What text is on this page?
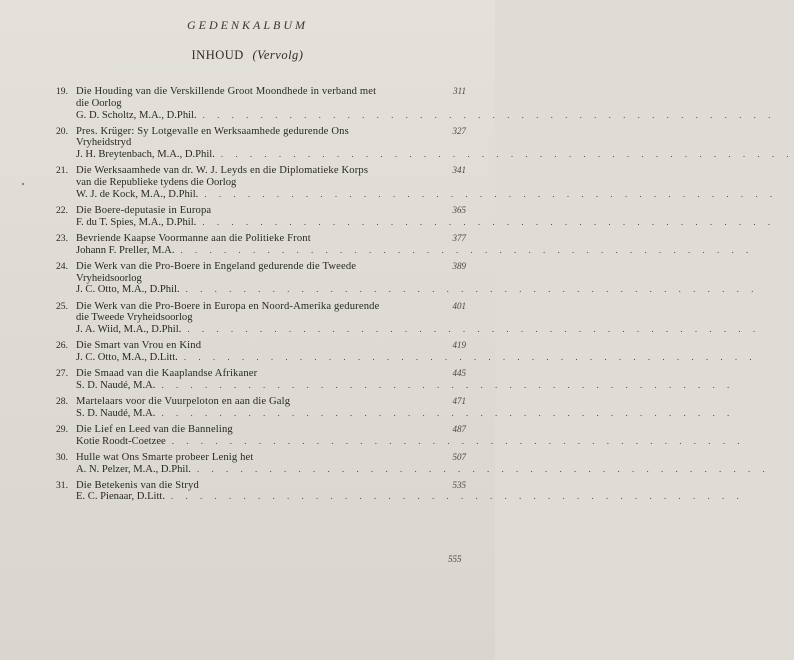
GEDENKALBUM
INHOUD (Vervolg)
19. Die Houding van die Verskillende Groot Moondhede in verband met
die Oorlog
G. D. Scholtz, M.A., D.Phil. . . . . . . . . . . . . . . . . . . . . . . . . . . . . . . . . . . . . . . . .
311
20. Pres. Krüger: Sy Lotgevalle en Werksaamhede gedurende Ons
Vryheidstryd
J. H. Breytenbach, M.A., D.Phil. . . . . . . . . . . . . . . . . . . . . . . . . . . . . . . . . . . . . . . . .
327
21. Die Werksaamhede van dr. W. J. Leyds en die Diplomatieke Korps
van die Republieke tydens die Oorlog
W. J. de Kock, M.A., D.Phil. . . . . . . . . . . . . . . . . . . . . . . . . . . . . . . . . . . . . . . . .
341
22. Die Boere-deputasie in Europa
F. du T. Spies, M.A., D.Phil. . . . . . . . . . . . . . . . . . . . . . . . . . . . . . . . . . . . . . . . .
365
23. Bevriende Kaapse Voormanne aan die Politieke Front
Johann F. Preller, M.A. . . . . . . . . . . . . . . . . . . . . . . . . . . . . . . . . . . . . . . . .
377
24. Die Werk van die Pro-Boere in Engeland gedurende die Tweede
Vryheidsoorlog
J. C. Otto, M.A., D.Phil. . . . . . . . . . . . . . . . . . . . . . . . . . . . . . . . . . . . . . . . .
389
25. Die Werk van die Pro-Boere in Europa en Noord-Amerika gedurende
die Tweede Vryheidsoorlog
J. A. Wiid, M.A., D.Phil. . . . . . . . . . . . . . . . . . . . . . . . . . . . . . . . . . . . . . . . .
401
26. Die Smart van Vrou en Kind
J. C. Otto, M.A., D.Litt. . . . . . . . . . . . . . . . . . . . . . . . . . . . . . . . . . . . . . . . .
419
27. Die Smaad van die Kaaplandse Afrikaner
S. D. Naudé, M.A. . . . . . . . . . . . . . . . . . . . . . . . . . . . . . . . . . . . . . . . .
445
28. Martelaars voor die Vuurpeloton en aan die Galg
S. D. Naudé, M.A. . . . . . . . . . . . . . . . . . . . . . . . . . . . . . . . . . . . . . . . .
471
29. Die Lief en Leed van die Banneling
Kotie Roodt-Coetzee . . . . . . . . . . . . . . . . . . . . . . . . . . . . . . . . . . . . . . . .
487
30. Hulle wat Ons Smarte probeer Lenig het
A. N. Pelzer, M.A., D.Phil. . . . . . . . . . . . . . . . . . . . . . . . . . . . . . . . . . . . . . . . .
507
31. Die Betekenis van die Stryd
E. C. Pienaar, D.Litt. . . . . . . . . . . . . . . . . . . . . . . . . . . . . . . . . . . . . . . . .
535
555
